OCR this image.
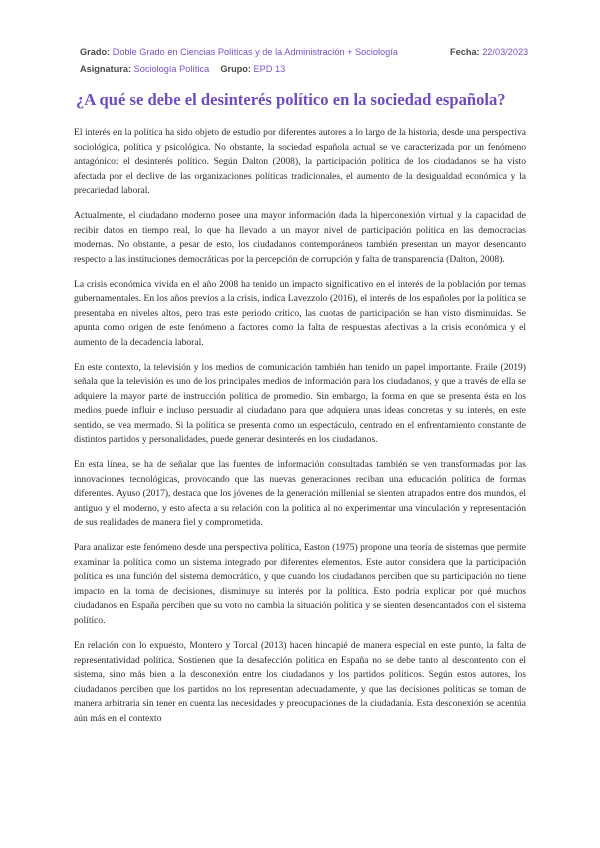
Grado: Doble Grado en Ciencias Políticas y de la Administración + Sociología	Fecha: 22/03/2023
Asignatura: Sociología Política Grupo: EPD 13
¿A qué se debe el desinterés político en la sociedad española?

El interés en la política ha sido objeto de estudio por diferentes autores a lo largo de la historia, desde una perspectiva sociológica, política y psicológica. No obstante, la sociedad española actual se ve caracterizada por un fenómeno antagónico: el desinterés político. Según Dalton (2008), la participación política de los ciudadanos se ha visto afectada por el declive de las organizaciones políticas tradicionales, el aumento de la desigualdad económica y la precariedad laboral.

Actualmente, el ciudadano moderno posee una mayor información dada la hiperconexión virtual y la capacidad de recibir datos en tiempo real, lo que ha llevado a un mayor nivel de participación política en las democracias modernas. No obstante, a pesar de esto, los ciudadanos contemporáneos también presentan un mayor desencanto respecto a las instituciones democráticas por la percepción de corrupción y falta de transparencia (Dalton, 2008).

La crisis económica vivida en el año 2008 ha tenido un impacto significativo en el interés de la población por temas gubernamentales. En los años previos a la crisis, indica Lavezzolo (2016), el interés de los españoles por la política se presentaba en niveles altos, pero tras este periodo crítico, las cuotas de participación se han visto disminuidas. Se apunta como origen de este fenómeno a factores como la falta de respuestas afectivas a la crisis económica y el aumento de la decadencia laboral.

En este contexto, la televisión y los medios de comunicación también han tenido un papel importante. Fraile (2019) señala que la televisión es uno de los principales medios de información para los ciudadanos, y que a través de ella se adquiere la mayor parte de instrucción política de promedio. Sin embargo, la forma en que se presenta ésta en los medios puede influir e incluso persuadir al ciudadano para que adquiera unas ideas concretas y su interés, en este sentido, se vea mermado. Si la política se presenta como un espectáculo, centrado en el enfrentamiento constante de distintos partidos y personalidades, puede generar desinterés en los ciudadanos.

En esta línea, se ha de señalar que las fuentes de información consultadas también se ven transformadas por las innovaciones tecnológicas, provocando que las nuevas generaciones reciban una educación política de formas diferentes. Ayuso (2017), destaca que los jóvenes de la generación millenial se sienten atrapados entre dos mundos, el antiguo y el moderno, y esto afecta a su relación con la política al no experimentar una vinculación y representación de sus realidades de manera fiel y comprometida.

Para analizar este fenómeno desde una perspectiva política, Easton (1975) propone una teoría de sistemas que permite examinar la política como un sistema integrado por diferentes elementos. Este autor considera que la participación política es una función del sistema democrático, y que cuando los ciudadanos perciben que su participación no tiene impacto en la toma de decisiones, disminuye su interés por la política. Esto podría explicar por qué muchos ciudadanos en España perciben que su voto no cambia la situación política y se sienten desencantados con el sistema político.

En relación con lo expuesto, Montero y Torcal (2013) hacen hincapié de manera especial en este punto, la falta de representatividad política. Sostienen que la desafección política en España no se debe tanto al descontento con el sistema, sino más bien a la desconexión entre los ciudadanos y los partidos políticos. Según estos autores, los ciudadanos perciben que los partidos no los representan adecuadamente, y que las decisiones políticas se toman de manera arbitraria sin tener en cuenta las necesidades y preocupaciones de la ciudadanía. Esta desconexión se acentúa aún más en el contexto
